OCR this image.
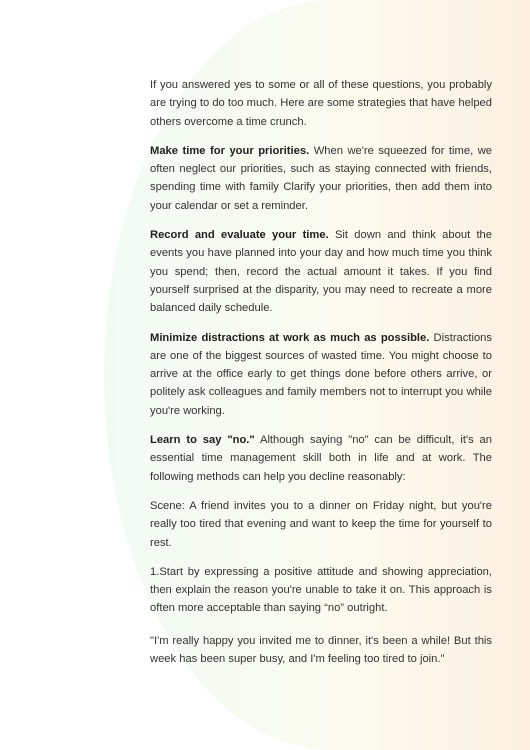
If you answered yes to some or all of these questions, you probably are trying to do too much. Here are some strategies that have helped others overcome a time crunch.

Make time for your priorities. When we're squeezed for time, we often neglect our priorities, such as staying connected with friends, spending time with family Clarify your priorities, then add them into your calendar or set a reminder.

Record and evaluate your time. Sit down and think about the events you have planned into your day and how much time you think you spend; then, record the actual amount it takes. If you find yourself surprised at the disparity, you may need to recreate a more balanced daily schedule.

Minimize distractions at work as much as possible. Distractions are one of the biggest sources of wasted time. You might choose to arrive at the office early to get things done before others arrive, or politely ask colleagues and family members not to interrupt you while you're working.

Learn to say "no." Although saying "no" can be difficult, it's an essential time management skill both in life and at work. The following methods can help you decline reasonably:

Scene: A friend invites you to a dinner on Friday night, but you're really too tired that evening and want to keep the time for yourself to rest.

1.Start by expressing a positive attitude and showing appreciation, then explain the reason you're unable to take it on. This approach is often more acceptable than saying “no” outright.

"I'm really happy you invited me to dinner, it's been a while! But this week has been super busy, and I'm feeling too tired to join."
